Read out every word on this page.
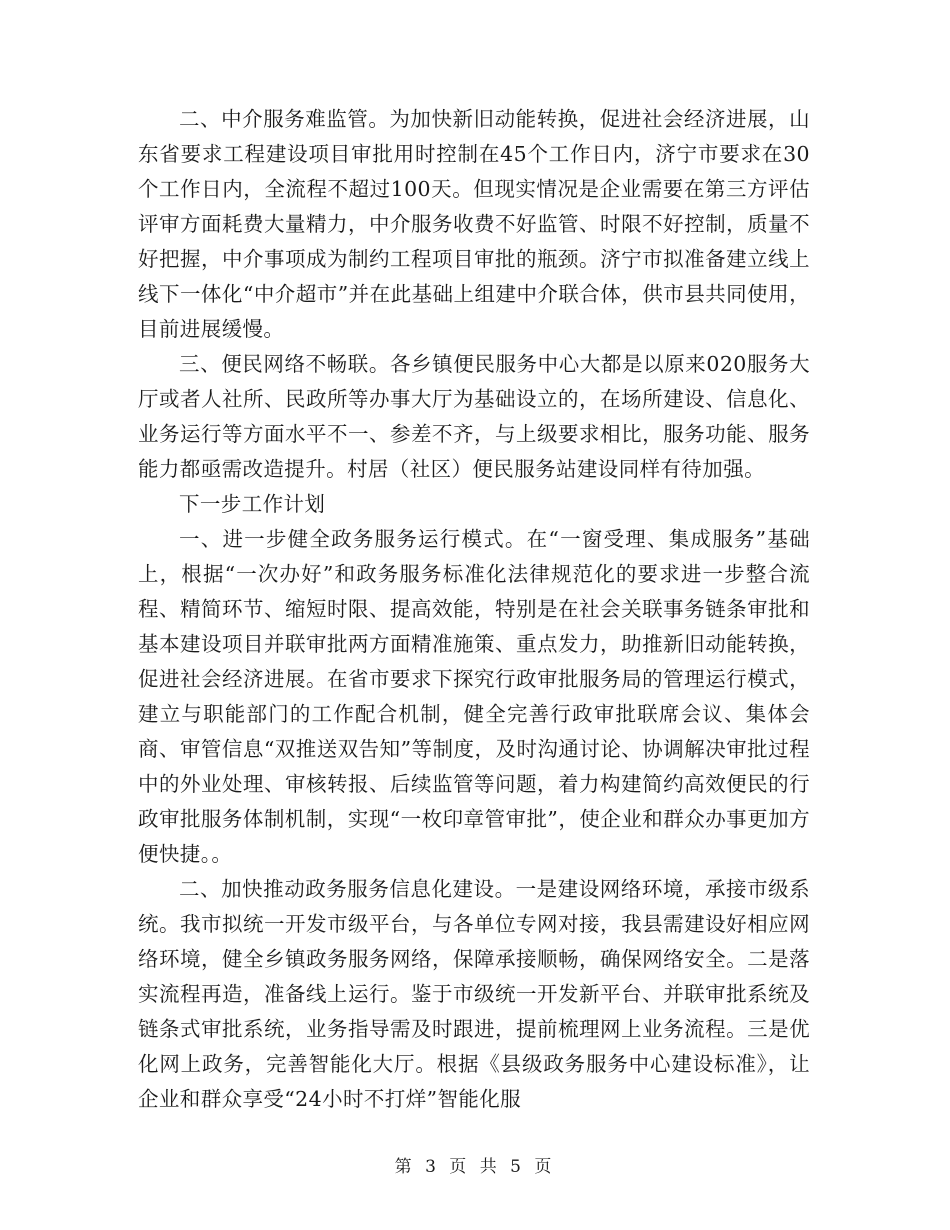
二、中介服务难监管。为加快新旧动能转换，促进社会经济进展，山东省要求工程建设项目审批用时控制在45个工作日内，济宁市要求在30个工作日内，全流程不超过100天。但现实情况是企业需要在第三方评估评审方面耗费大量精力，中介服务收费不好监管、时限不好控制，质量不好把握，中介事项成为制约工程项目审批的瓶颈。济宁市拟准备建立线上线下一体化“中介超市”并在此基础上组建中介联合体，供市县共同使用，目前进展缓慢。

三、便民网络不畅联。各乡镇便民服务中心大都是以原来020服务大厅或者人社所、民政所等办事大厅为基础设立的，在场所建设、信息化、业务运行等方面水平不一、参差不齐，与上级要求相比，服务功能、服务能力都亟需改造提升。村居（社区）便民服务站建设同样有待加强。

下一步工作计划

一、进一步健全政务服务运行模式。在“一窗受理、集成服务”基础上，根据“一次办好”和政务服务标准化法律规范化的要求进一步整合流程、精简环节、缩短时限、提高效能，特别是在社会关联事务链条审批和基本建设项目并联审批两方面精准施策、重点发力，助推新旧动能转换，促进社会经济进展。在省市要求下探究行政审批服务局的管理运行模式，建立与职能部门的工作配合机制，健全完善行政审批联席会议、集体会商、审管信息“双推送双告知”等制度，及时沟通讨论、协调解决审批过程中的外业处理、审核转报、后续监管等问题，着力构建简约高效便民的行政审批服务体制机制，实现“一枚印章管审批”，使企业和群众办事更加方便快捷。。

二、加快推动政务服务信息化建设。一是建设网络环境，承接市级系统。我市拟统一开发市级平台，与各单位专网对接，我县需建设好相应网络环境，健全乡镇政务服务网络，保障承接顺畅，确保网络安全。二是落实流程再造，准备线上运行。鉴于市级统一开发新平台、并联审批系统及链条式审批系统，业务指导需及时跟进，提前梳理网上业务流程。三是优化网上政务，完善智能化大厅。根据《县级政务服务中心建设标准》，让企业和群众享受“24小时不打烊”智能化服

第 3 页 共 5 页
